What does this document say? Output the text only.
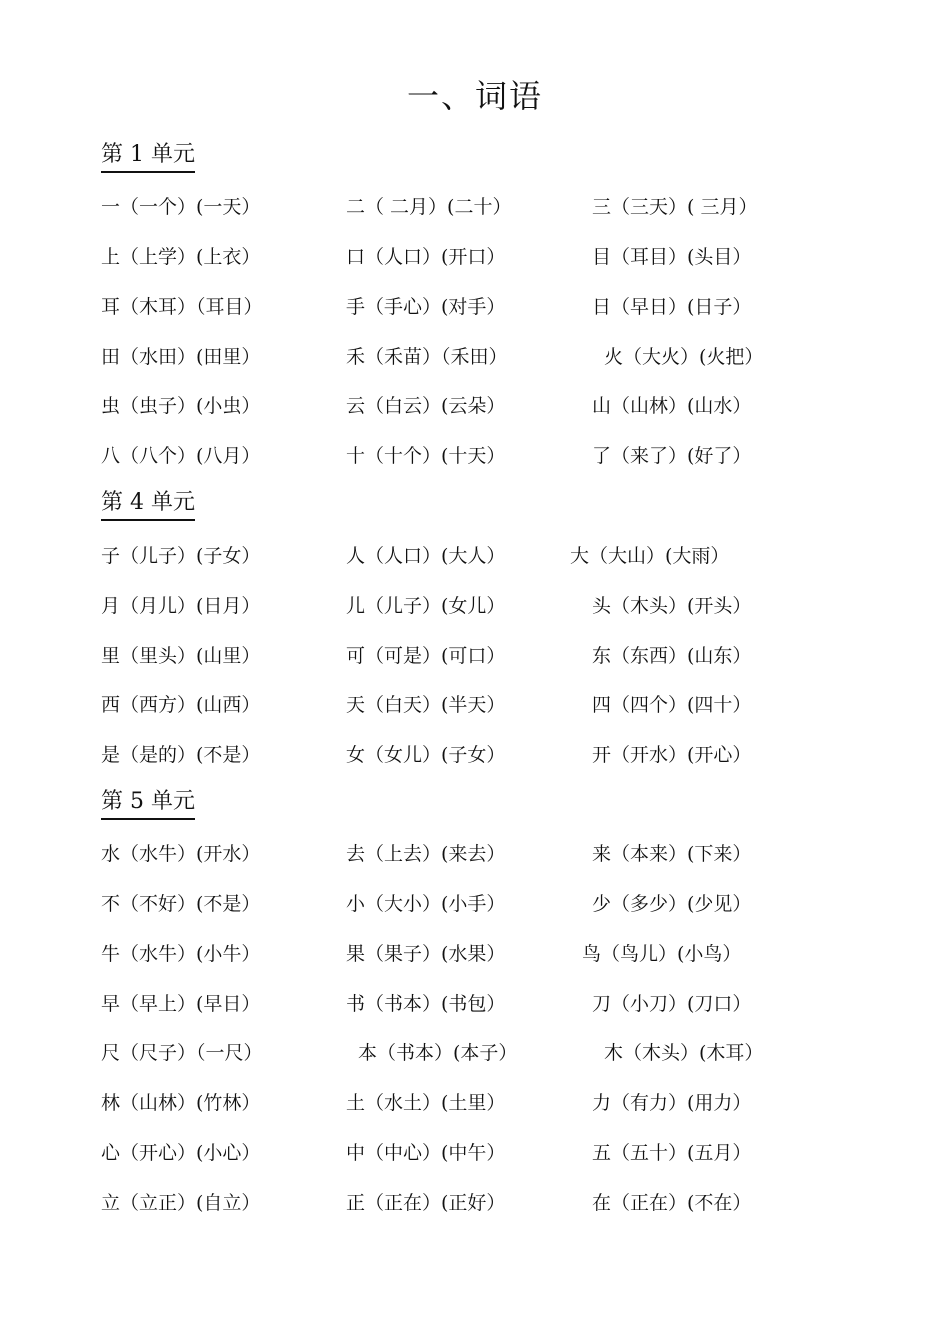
一、词语
第 1 单元
一（一个）(一天）	二（ 二月）(二十）	三（三天）( 三月）
上（上学）(上衣）	口（人口）(开口）	目（耳目）(头目）
耳（木耳）（耳目）	手（手心）(对手）	日（早日）(日子）
田（水田）(田里）	禾（禾苗）（禾田）	火（大火）(火把）
虫（虫子）(小虫）	云（白云）(云朵）	山（山林）(山水）
八（八个）(八月）	十（十个）(十天）	了（来了）(好了）
第 4 单元
子（儿子）(子女）	人（人口）(大人）	大（大山）(大雨）
月（月儿）(日月）	儿（儿子）(女儿）	头（木头）(开头）
里（里头）(山里）	可（可是）(可口）	东（东西）(山东）
西（西方）(山西）	天（白天）(半天）	四（四个）(四十）
是（是的）(不是）	女（女儿）(子女）	开（开水）(开心）
第 5 单元
水（水牛）(开水）	去（上去）(来去）	来（本来）(下来）
不（不好）(不是）	小（大小）(小手）	少（多少）(少见）
牛（水牛）(小牛）	果（果子）(水果）	鸟（鸟儿）(小鸟）
早（早上）(早日）	书（书本）(书包）	刀（小刀）(刀口）
尺（尺子）（一尺）	本（书本）(本子）	木（木头）(木耳）
林（山林）(竹林）	土（水土）(土里）	力（有力）(用力）
心（开心）(小心）	中（中心）(中午）	五（五十）(五月）
立（立正）(自立）	正（正在）(正好）	在（正在）(不在）
